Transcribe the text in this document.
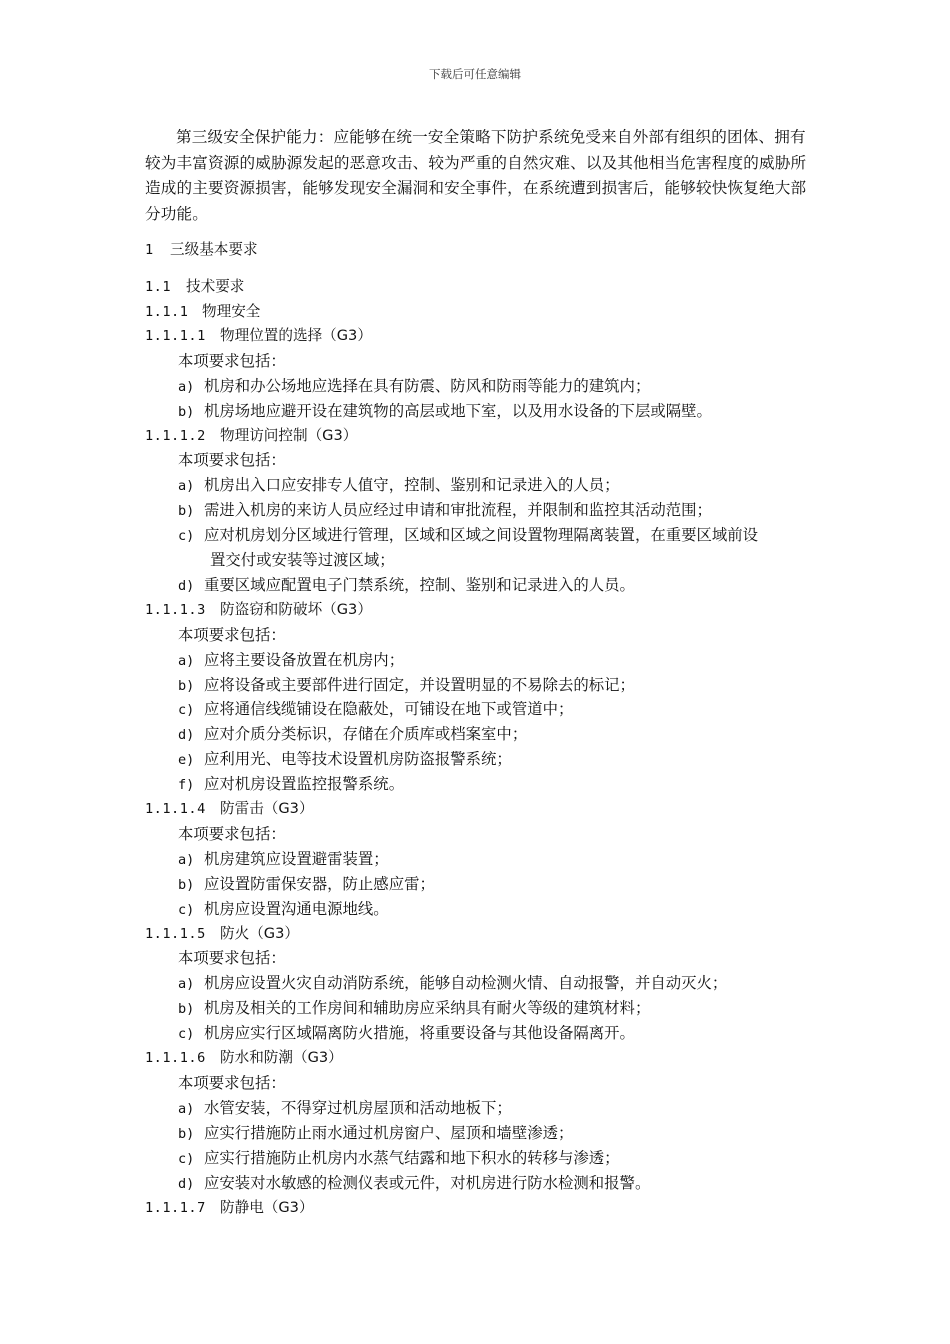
下载后可任意编辑
第三级安全保护能力：应能够在统一安全策略下防护系统免受来自外部有组织的团体、拥有较为丰富资源的威胁源发起的恶意攻击、较为严重的自然灾难、以及其他相当危害程度的威胁所造成的主要资源损害，能够发现安全漏洞和安全事件，在系统遭到损害后，能够较快恢复绝大部分功能。
1 三级基本要求
1.1 技术要求
1.1.1 物理安全
1.1.1.1 物理位置的选择（G3）
本项要求包括：
a) 机房和办公场地应选择在具有防震、防风和防雨等能力的建筑内；
b) 机房场地应避开设在建筑物的高层或地下室，以及用水设备的下层或隔壁。
1.1.1.2 物理访问控制（G3）
本项要求包括：
a) 机房出入口应安排专人值守，控制、鉴别和记录进入的人员；
b) 需进入机房的来访人员应经过申请和审批流程，并限制和监控其活动范围；
c) 应对机房划分区域进行管理，区域和区域之间设置物理隔离装置，在重要区域前设
置交付或安装等过渡区域；
d) 重要区域应配置电子门禁系统，控制、鉴别和记录进入的人员。
1.1.1.3 防盗窃和防破坏（G3）
本项要求包括：
a) 应将主要设备放置在机房内；
b) 应将设备或主要部件进行固定，并设置明显的不易除去的标记；
c) 应将通信线缆铺设在隐蔽处，可铺设在地下或管道中；
d) 应对介质分类标识，存储在介质库或档案室中；
e) 应利用光、电等技术设置机房防盗报警系统；
f) 应对机房设置监控报警系统。
1.1.1.4 防雷击（G3）
本项要求包括：
a) 机房建筑应设置避雷装置；
b) 应设置防雷保安器，防止感应雷；
c) 机房应设置沟通电源地线。
1.1.1.5 防火（G3）
本项要求包括：
a) 机房应设置火灾自动消防系统，能够自动检测火情、自动报警，并自动灭火；
b) 机房及相关的工作房间和辅助房应采纳具有耐火等级的建筑材料；
c) 机房应实行区域隔离防火措施，将重要设备与其他设备隔离开。
1.1.1.6 防水和防潮（G3）
本项要求包括：
a) 水管安装，不得穿过机房屋顶和活动地板下；
b) 应实行措施防止雨水通过机房窗户、屋顶和墙壁渗透；
c) 应实行措施防止机房内水蒸气结露和地下积水的转移与渗透；
d) 应安装对水敏感的检测仪表或元件，对机房进行防水检测和报警。
1.1.1.7 防静电（G3）
